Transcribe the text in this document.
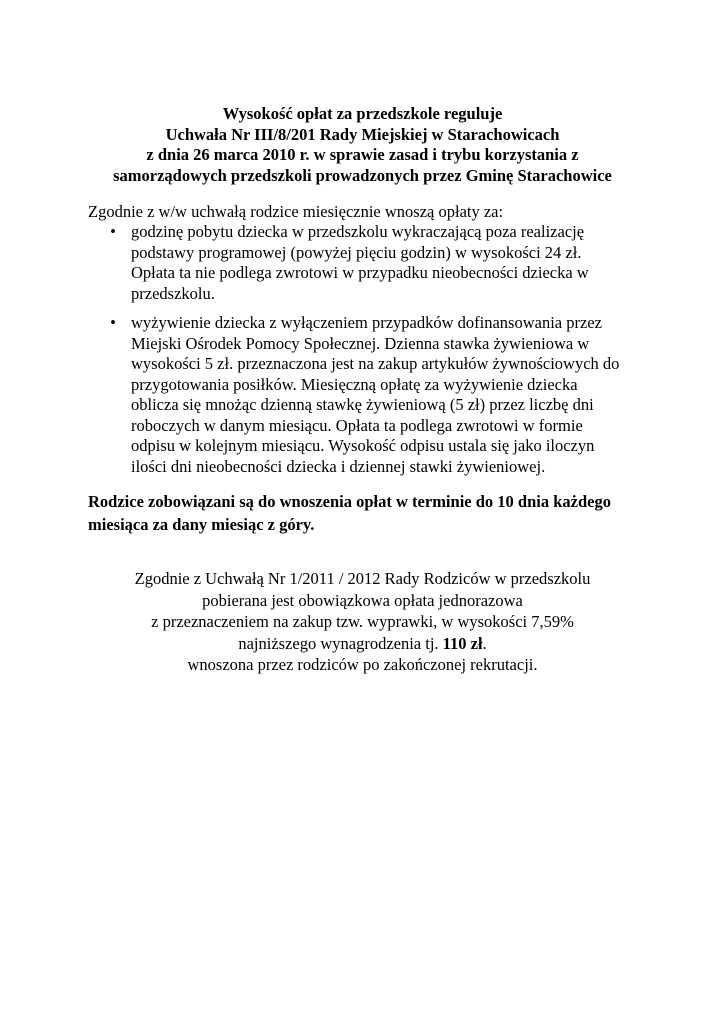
Wysokość opłat za przedszkole reguluje
Uchwała Nr III/8/201 Rady Miejskiej w Starachowicach
z dnia 26 marca 2010 r. w sprawie zasad i trybu korzystania z
samorządowych przedszkoli prowadzonych przez Gminę Starachowice
Zgodnie z w/w uchwałą rodzice miesięcznie wnoszą opłaty za:
• godzinę pobytu dziecka w przedszkolu wykraczającą poza realizację
podstawy programowej (powyżej pięciu godzin) w wysokości 24 zł.
Opłata ta nie podlega zwrotowi w przypadku nieobecności dziecka w
przedszkolu.
• wyżywienie dziecka z wyłączeniem przypadków dofinansowania przez
Miejski Ośrodek Pomocy Społecznej. Dzienna stawka żywieniowa w
wysokości 5 zł. przeznaczona jest na zakup artykułów żywnościowych do
przygotowania posiłków. Miesięczną opłatę za wyżywienie dziecka
oblicza się mnożąc dzienną stawkę żywieniową (5 zł) przez liczbę dni
roboczych w danym miesiącu. Opłata ta podlega zwrotowi w formie
odpisu w kolejnym miesiącu. Wysokość odpisu ustala się jako iloczyn
ilości dni nieobecności dziecka i dziennej stawki żywieniowej.
Rodzice zobowiązani są do wnoszenia opłat w terminie do 10 dnia każdego
miesiąca za dany miesiąc z góry.
Zgodnie z Uchwałą Nr 1/2011 / 2012 Rady Rodziców w przedszkolu
pobierana jest obowiązkowa opłata jednorazowa
z przeznaczeniem na zakup tzw. wyprawki, w wysokości 7,59%
najniższego wynagrodzenia tj. 110 zł.
wnoszona przez rodziców po zakończonej rekrutacji.
